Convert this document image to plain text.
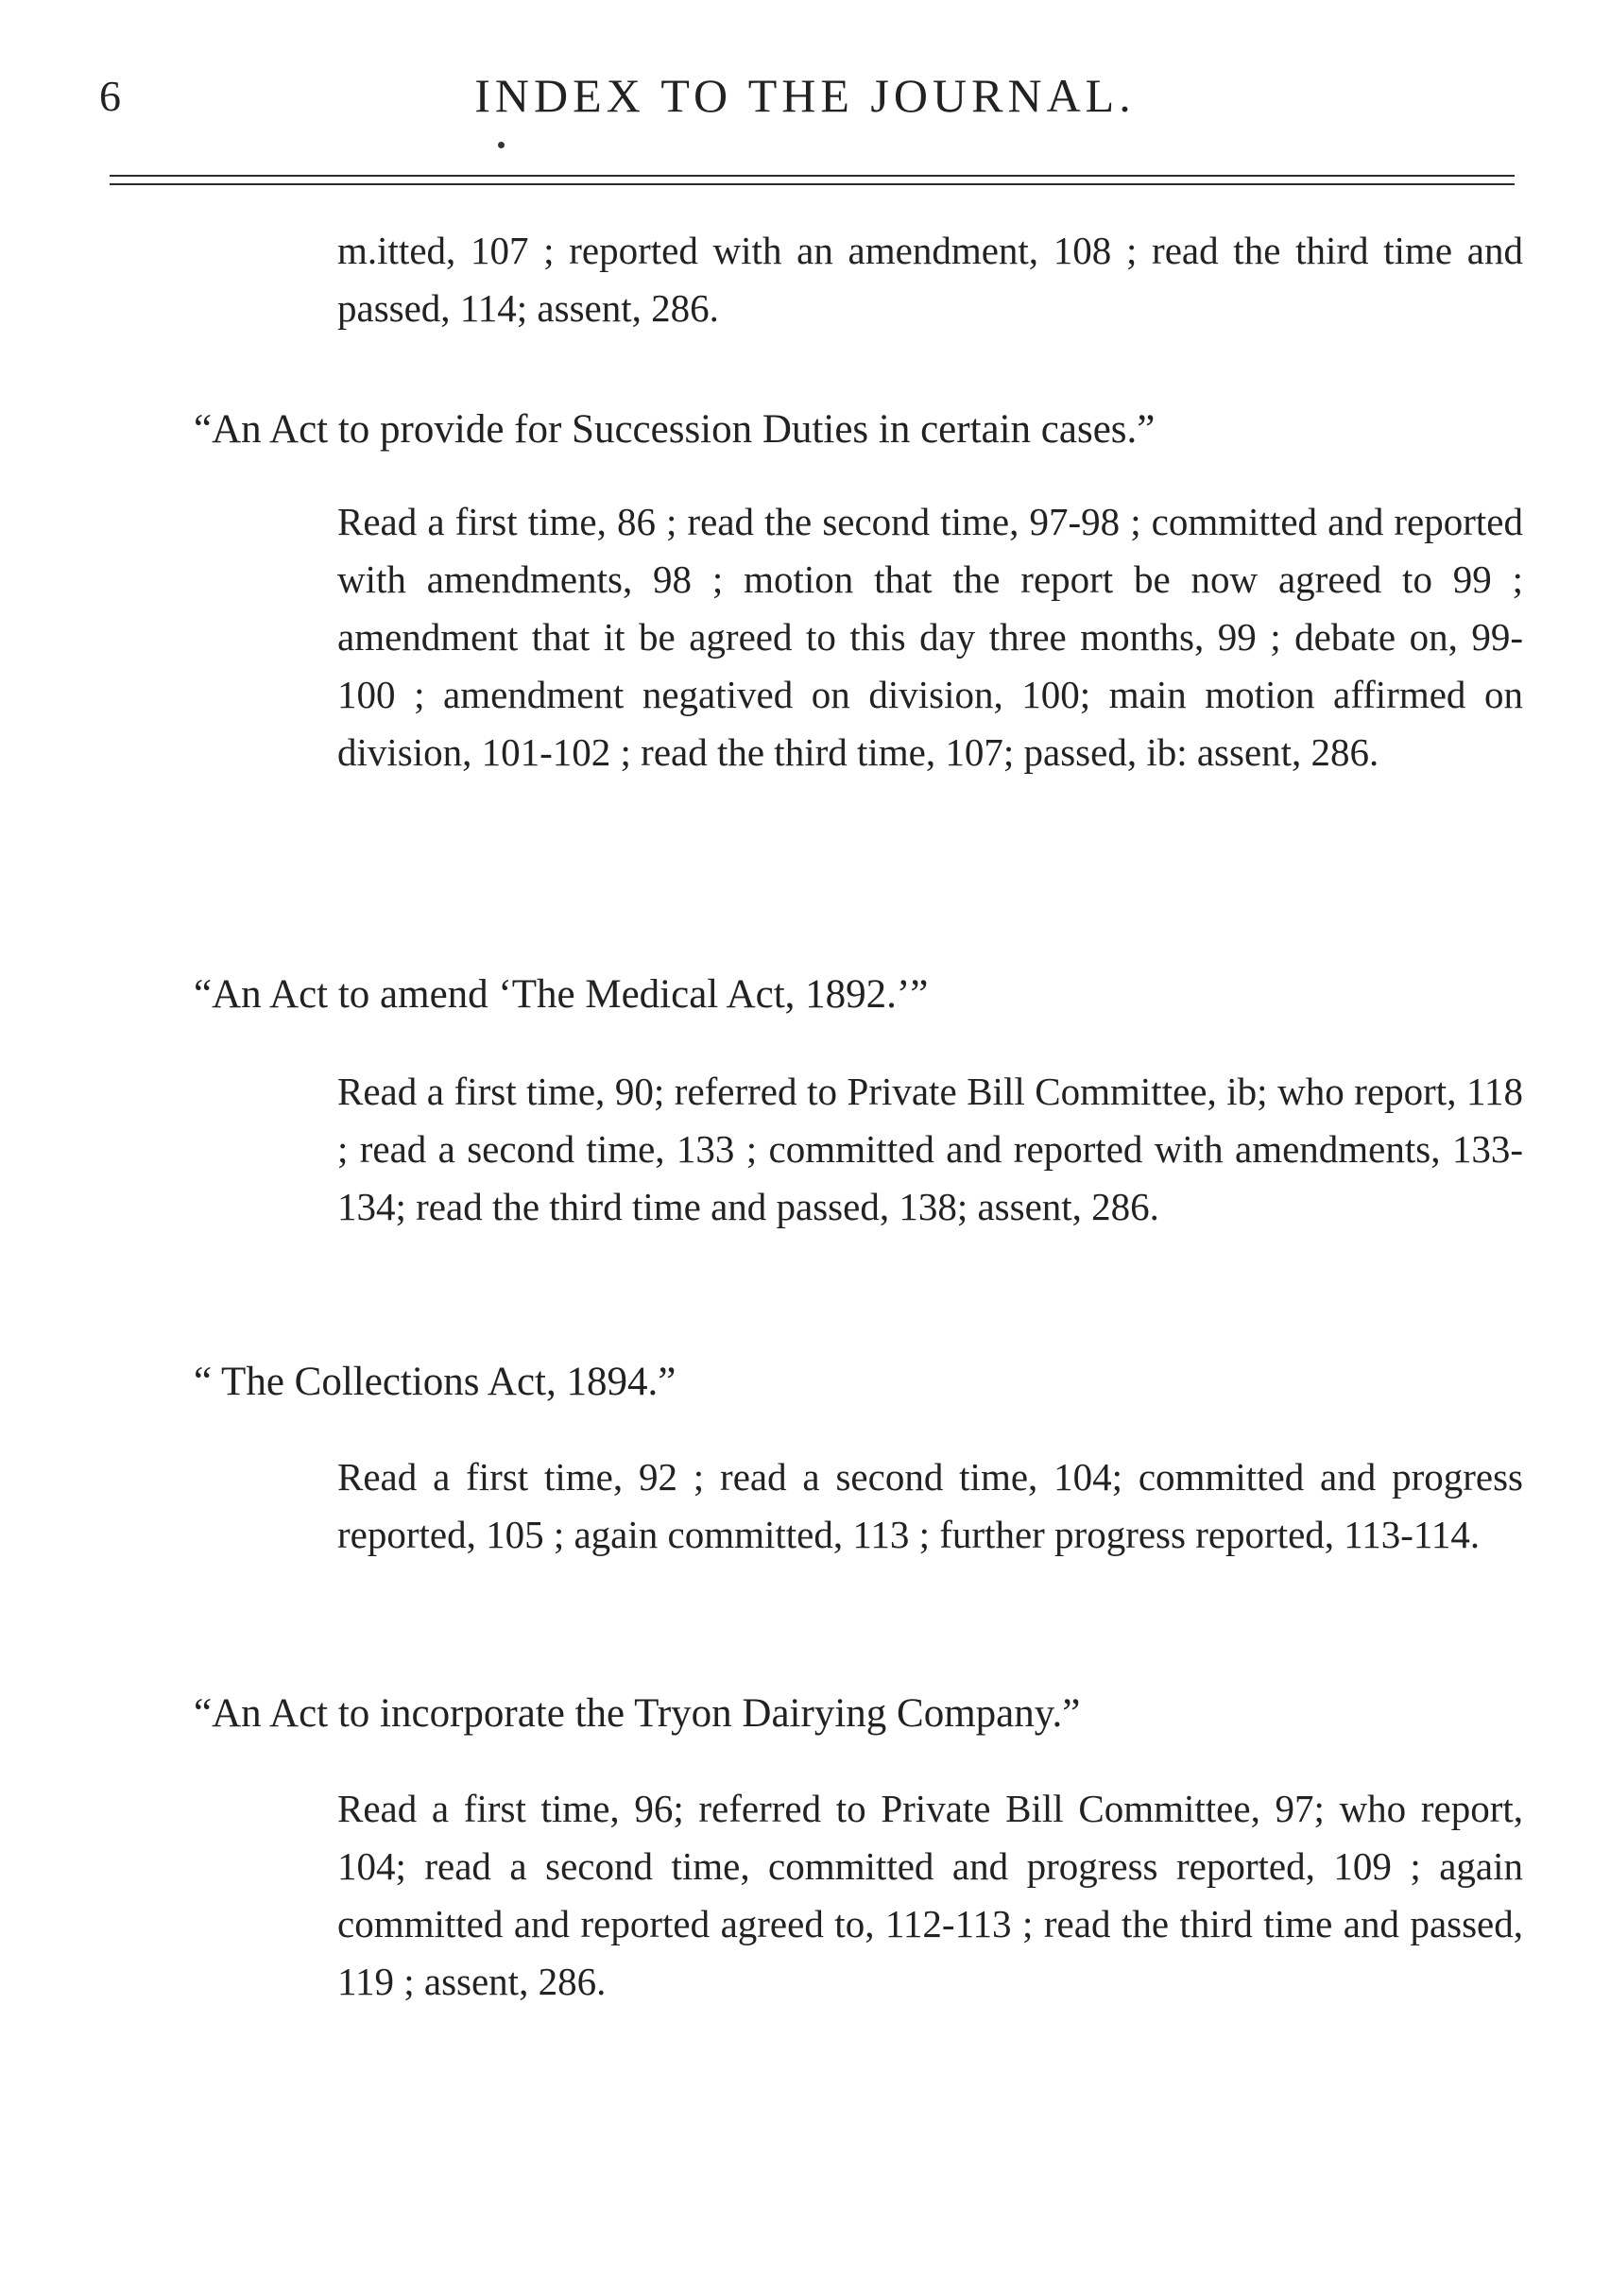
6	INDEX TO THE JOURNAL.
m.itted, 107 ; reported with an amendment, 108 ; read the third time and passed, 114; assent, 286.
“An Act to provide for Succession Duties in certain cases.”
Read a first time, 86 ; read the second time, 97-98 ; committed and reported with amendments, 98 ; motion that the report be now agreed to 99 ; amendment that it be agreed to this day three months, 99 ; debate on, 99-100 ; amendment negatived on division, 100; main motion affirmed on division, 101-102 ; read the third time, 107; passed, ib: assent, 286.
“An Act to amend ‘The Medical Act, 1892.’”
Read a first time, 90; referred to Private Bill Committee, ib; who report, 118 ; read a second time, 133 ; committed and reported with amendments, 133-134; read the third time and passed, 138; assent, 286.
“ The Collections Act, 1894.”
Read a first time, 92 ; read a second time, 104; committed and progress reported, 105 ; again committed, 113 ; further progress reported, 113-114.
“An Act to incorporate the Tryon Dairying Company.”
Read a first time, 96; referred to Private Bill Committee, 97; who report, 104; read a second time, committed and progress reported, 109 ; again committed and reported agreed to, 112-113 ; read the third time and passed, 119 ; assent, 286.
